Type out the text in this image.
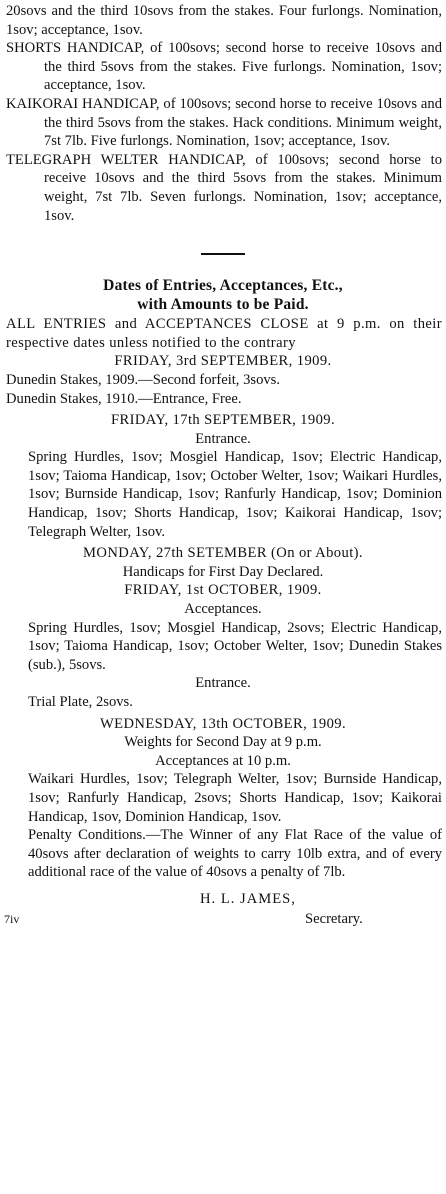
20sovs and the third 10sovs from the stakes. Four furlongs. Nomination, 1sov; acceptance, 1sov.

SHORTS HANDICAP, of 100sovs; second horse to receive 10sovs and the third 5sovs from the stakes. Five furlongs. Nomination, 1sov; acceptance, 1sov.

KAIKORAI HANDICAP, of 100sovs; second horse to receive 10sovs and the third 5sovs from the stakes. Hack conditions. Minimum weight, 7st 7lb. Five furlongs. Nomination, 1sov; acceptance, 1sov.

TELEGRAPH WELTER HANDICAP, of 100sovs; second horse to receive 10sovs and the third 5sovs from the stakes. Minimum weight, 7st 7lb. Seven furlongs. Nomination, 1sov; acceptance, 1sov.

Dates of Entries, Acceptances, Etc.,
with Amounts to be Paid.

ALL ENTRIES and ACCEPTANCES CLOSE at 9 p.m. on their respective dates unless notified to the contrary

FRIDAY, 3rd SEPTEMBER, 1909.

Dunedin Stakes, 1909.—Second forfeit, 3sovs.

Dunedin Stakes, 1910.—Entrance, Free.

FRIDAY, 17th SEPTEMBER, 1909.

Entrance.

Spring Hurdles, 1sov; Mosgiel Handicap, 1sov; Electric Handicap, 1sov; Taioma Handicap, 1sov; October Welter, 1sov; Waikari Hurdles, 1sov; Burnside Handicap, 1sov; Ranfurly Handicap, 1sov; Dominion Handicap, 1sov; Shorts Handicap, 1sov; Kaikorai Handicap, 1sov; Telegraph Welter, 1sov.

MONDAY, 27th SETEMBER (On or About).

Handicaps for First Day Declared.

FRIDAY, 1st OCTOBER, 1909.

Acceptances.

Spring Hurdles, 1sov; Mosgiel Handicap, 2sovs; Electric Handicap, 1sov; Taioma Handicap, 1sov; October Welter, 1sov; Dunedin Stakes (sub.), 5sovs.

Entrance.

Trial Plate, 2sovs.

WEDNESDAY, 13th OCTOBER, 1909.

Weights for Second Day at 9 p.m.

Acceptances at 10 p.m.

Waikari Hurdles, 1sov; Telegraph Welter, 1sov; Burnside Handicap, 1sov; Ranfurly Handicap, 2sovs; Shorts Handicap, 1sov; Kaikorai Handicap, 1sov, Dominion Handicap, 1sov.

Penalty Conditions.—The Winner of any Flat Race of the value of 40sovs after declaration of weights to carry 10lb extra, and of every additional race of the value of 40sovs a penalty of 7lb.

H. L. JAMES,
7iv	Secretary.
